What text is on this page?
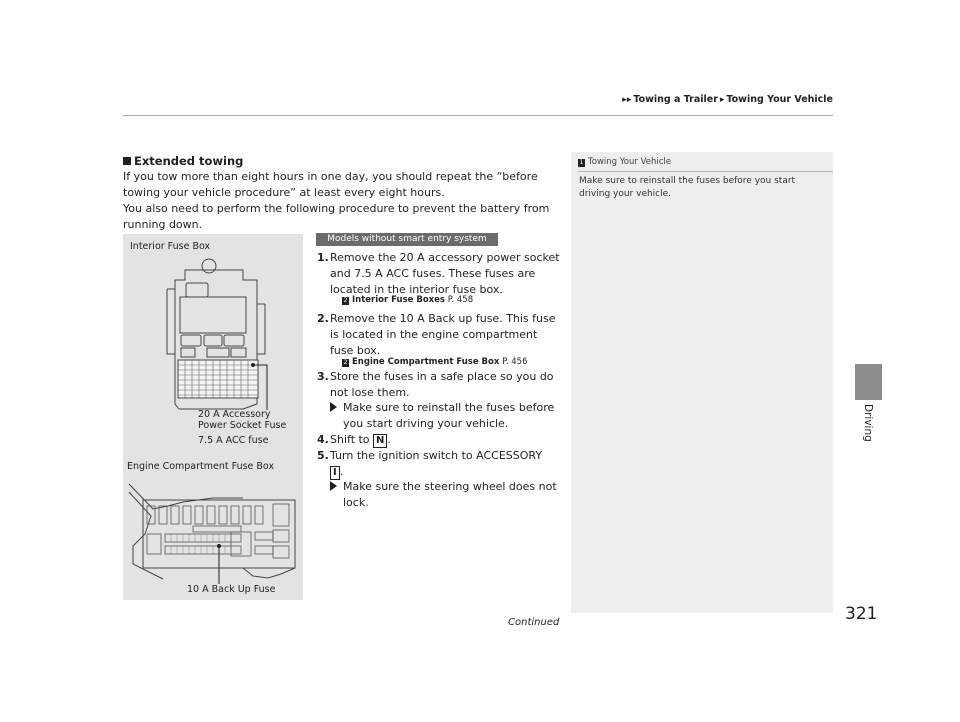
▸▸ Towing a Trailer ▸ Towing Your Vehicle
Driving
Extended towing
If you tow more than eight hours in one day, you should repeat the “before towing your vehicle procedure” at least every eight hours.
You also need to perform the following procedure to prevent the battery from running down.
Interior Fuse Box
20 A Accessory
Power Socket Fuse
7.5 A ACC fuse
Engine Compartment Fuse Box
10 A Back Up Fuse
Models without smart entry system
1. Remove the 20 A accessory power socket and 7.5 A ACC fuses. These fuses are located in the interior fuse box.
2 Interior Fuse Boxes P. 458
2. Remove the 10 A Back up fuse. This fuse is located in the engine compartment fuse box.
2 Engine Compartment Fuse Box P. 456
3. Store the fuses in a safe place so you do not lose them.
Make sure to reinstall the fuses before you start driving your vehicle.
4. Shift to N .
5. Turn the ignition switch to ACCESSORY
I .
Make sure the steering wheel does not lock.
1 Towing Your Vehicle
Make sure to reinstall the fuses before you start driving your vehicle.
Continued	321
